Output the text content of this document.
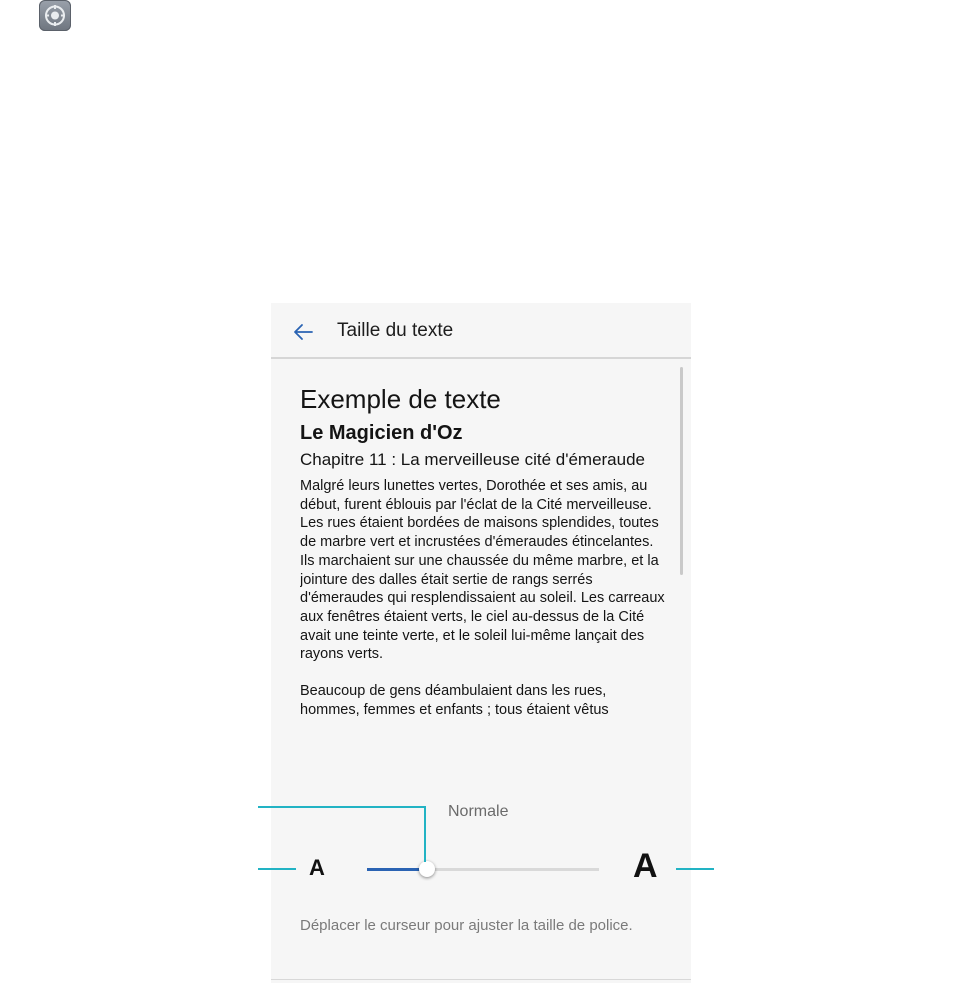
Taille du texte
Exemple de texte
Le Magicien d'Oz
Chapitre 11 : La merveilleuse cité d'émeraude

Malgré leurs lunettes vertes, Dorothée et ses amis, au début, furent éblouis par l'éclat de la Cité merveilleuse. Les rues étaient bordées de maisons splendides, toutes de marbre vert et incrustées d'émeraudes étincelantes. Ils marchaient sur une chaussée du même marbre, et la jointure des dalles était sertie de rangs serrés d'émeraudes qui resplendissaient au soleil. Les carreaux aux fenêtres étaient verts, le ciel au-dessus de la Cité avait une teinte verte, et le soleil lui-même lançait des rayons verts.

Beaucoup de gens déambulaient dans les rues, hommes, femmes et enfants ; tous étaient vêtus

Normale
A	A
Déplacer le curseur pour ajuster la taille de police.
